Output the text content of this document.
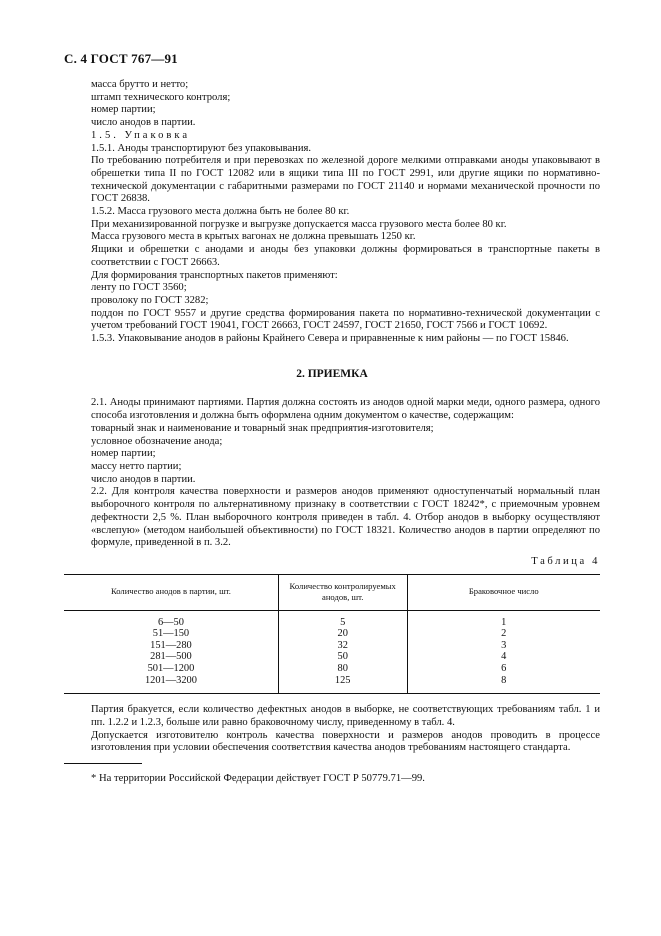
С. 4 ГОСТ 767—91

масса брутто и нетто;

штамп технического контроля;

номер партии;

число анодов в партии.

1.5. Упаковка

1.5.1. Аноды транспортируют без упаковывания.

По требованию потребителя и при перевозках по железной дороге мелкими отправками аноды упаковывают в обрешетки типа II по ГОСТ 12082 или в ящики типа III по ГОСТ 2991, или другие ящики по нормативно-технической документации с габаритными размерами по ГОСТ 21140 и нормами механической прочности по ГОСТ 26838.

1.5.2. Масса грузового места должна быть не более 80 кг.

При механизированной погрузке и выгрузке допускается масса грузового места более 80 кг.

Масса грузового места в крытых вагонах не должна превышать 1250 кг.

Ящики и обрешетки с анодами и аноды без упаковки должны формироваться в транспортные пакеты в соответствии с ГОСТ 26663.

Для формирования транспортных пакетов применяют:

ленту по ГОСТ 3560;

проволоку по ГОСТ 3282;

поддон по ГОСТ 9557 и другие средства формирования пакета по нормативно-технической документации с учетом требований ГОСТ 19041, ГОСТ 26663, ГОСТ 24597, ГОСТ 21650, ГОСТ 7566 и ГОСТ 10692.

1.5.3. Упаковывание анодов в районы Крайнего Севера и приравненные к ним районы — по ГОСТ 15846.

2. ПРИЕМКА

2.1. Аноды принимают партиями. Партия должна состоять из анодов одной марки меди, одного размера, одного способа изготовления и должна быть оформлена одним документом о качестве, содержащим:

товарный знак и наименование и товарный знак предприятия-изготовителя;

условное обозначение анода;

номер партии;

массу нетто партии;

число анодов в партии.

2.2. Для контроля качества поверхности и размеров анодов применяют одноступенчатый нормальный план выборочного контроля по альтернативному признаку в соответствии с ГОСТ 18242*, с приемочным уровнем дефектности 2,5 %. План выборочного контроля приведен в табл. 4. Отбор анодов в выборку осуществляют «вслепую» (методом наибольшей объективности) по ГОСТ 18321. Количество анодов в партии определяют по формуле, приведенной в п. 3.2.

Таблица 4
Количество анодов в партии, шт.	Количество контролируемых анодов, шт.	Браковочное число
6—50	5	1
51—150	20	2
151—280	32	3
281—500	50	4
501—1200	80	6
1201—3200	125	8

Партия бракуется, если количество дефектных анодов в выборке, не соответствующих требованиям табл. 1 и пп. 1.2.2 и 1.2.3, больше или равно браковочному числу, приведенному в табл. 4.

Допускается изготовителю контроль качества поверхности и размеров анодов проводить в процессе изготовления при условии обеспечения соответствия качества анодов требованиям настоящего стандарта.

* На территории Российской Федерации действует ГОСТ Р 50779.71—99.
